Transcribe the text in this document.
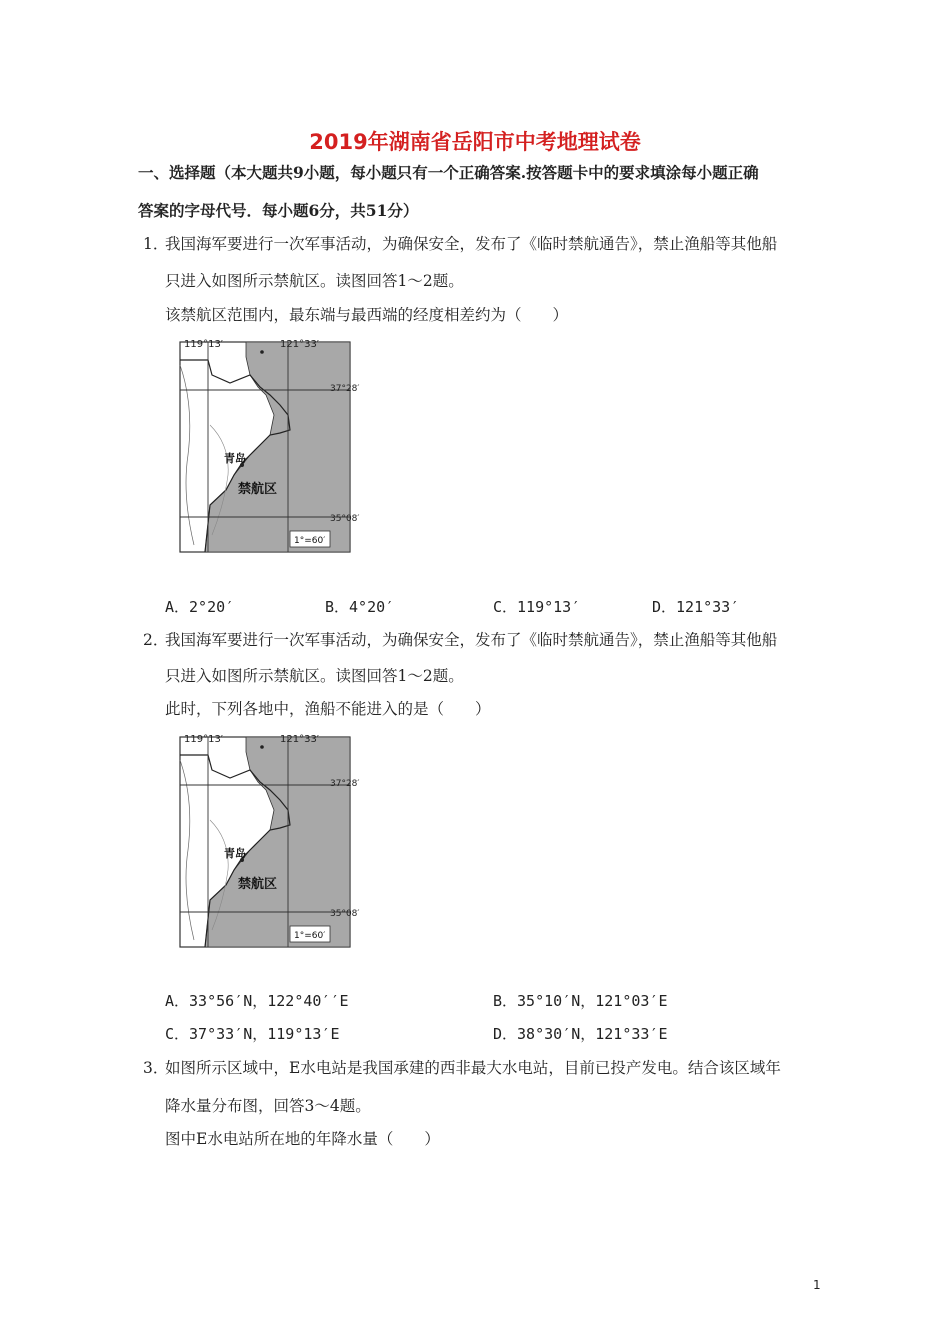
2019年湖南省岳阳市中考地理试卷
一、选择题（本大题共9小题，每小题只有一个正确答案.按答题卡中的要求填涂每小题正确
答案的字母代号．每小题6分，共51分）
1．
我国海军要进行一次军事活动，为确保安全，发布了《临时禁航通告》，禁止渔船等其他船
只进入如图所示禁航区。读图回答1～2题。
该禁航区范围内，最东端与最西端的经度相差约为（　　）
119°13′	121°33′
37°28′
35°08′
青岛
禁航区
1°=60′
A．2°20′	B．4°20′	C．119°13′	D．121°33′
2．
我国海军要进行一次军事活动，为确保安全，发布了《临时禁航通告》，禁止渔船等其他船
只进入如图所示禁航区。读图回答1～2题。
此时，下列各地中，渔船不能进入的是（　　）
119°13′	121°33′
37°28′
35°08′
青岛
禁航区
1°=60′
A．33°56′N，122°40′′E	B．35°10′N，121°03′E
C．37°33′N，119°13′E	D．38°30′N，121°33′E
3．
如图所示区域中，E水电站是我国承建的西非最大水电站，目前已投产发电。结合该区域年
降水量分布图，回答3～4题。
图中E水电站所在地的年降水量（　　）
1
